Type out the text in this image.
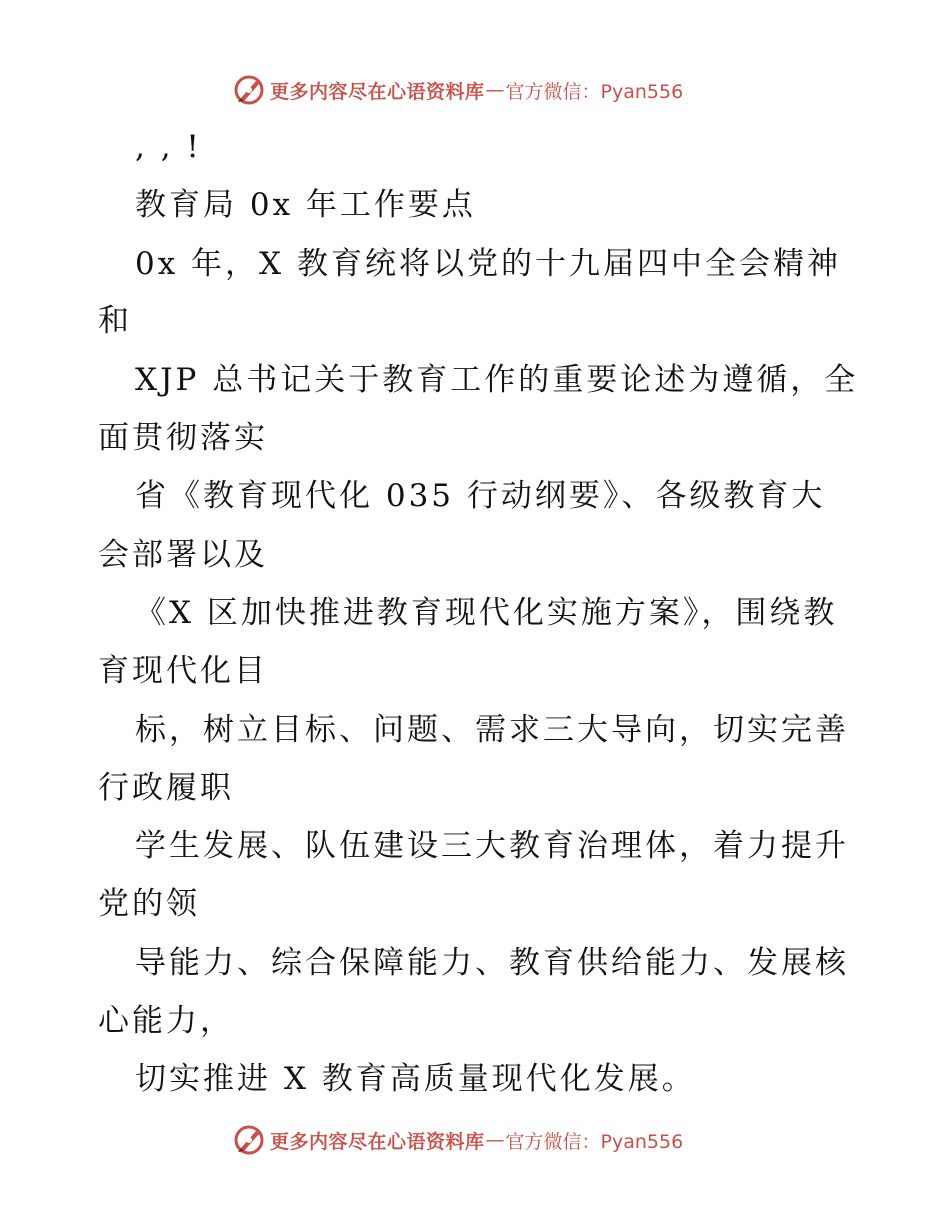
更多内容尽在心语资料库 — 官方微信：Pyan556
, , !
教育局 0x 年工作要点
0x 年，X 教育统将以党的十九届四中全会精神
和
XJP 总书记关于教育工作的重要论述为遵循，全
面贯彻落实
省《教育现代化 035 行动纲要》、各级教育大
会部署以及
《X 区加快推进教育现代化实施方案》，围绕教
育现代化目
标，树立目标、问题、需求三大导向，切实完善
行政履职
学生发展、队伍建设三大教育治理体，着力提升
党的领
导能力、综合保障能力、教育供给能力、发展核
心能力，
切实推进 X 教育高质量现代化发展。
更多内容尽在心语资料库 — 官方微信：Pyan556
